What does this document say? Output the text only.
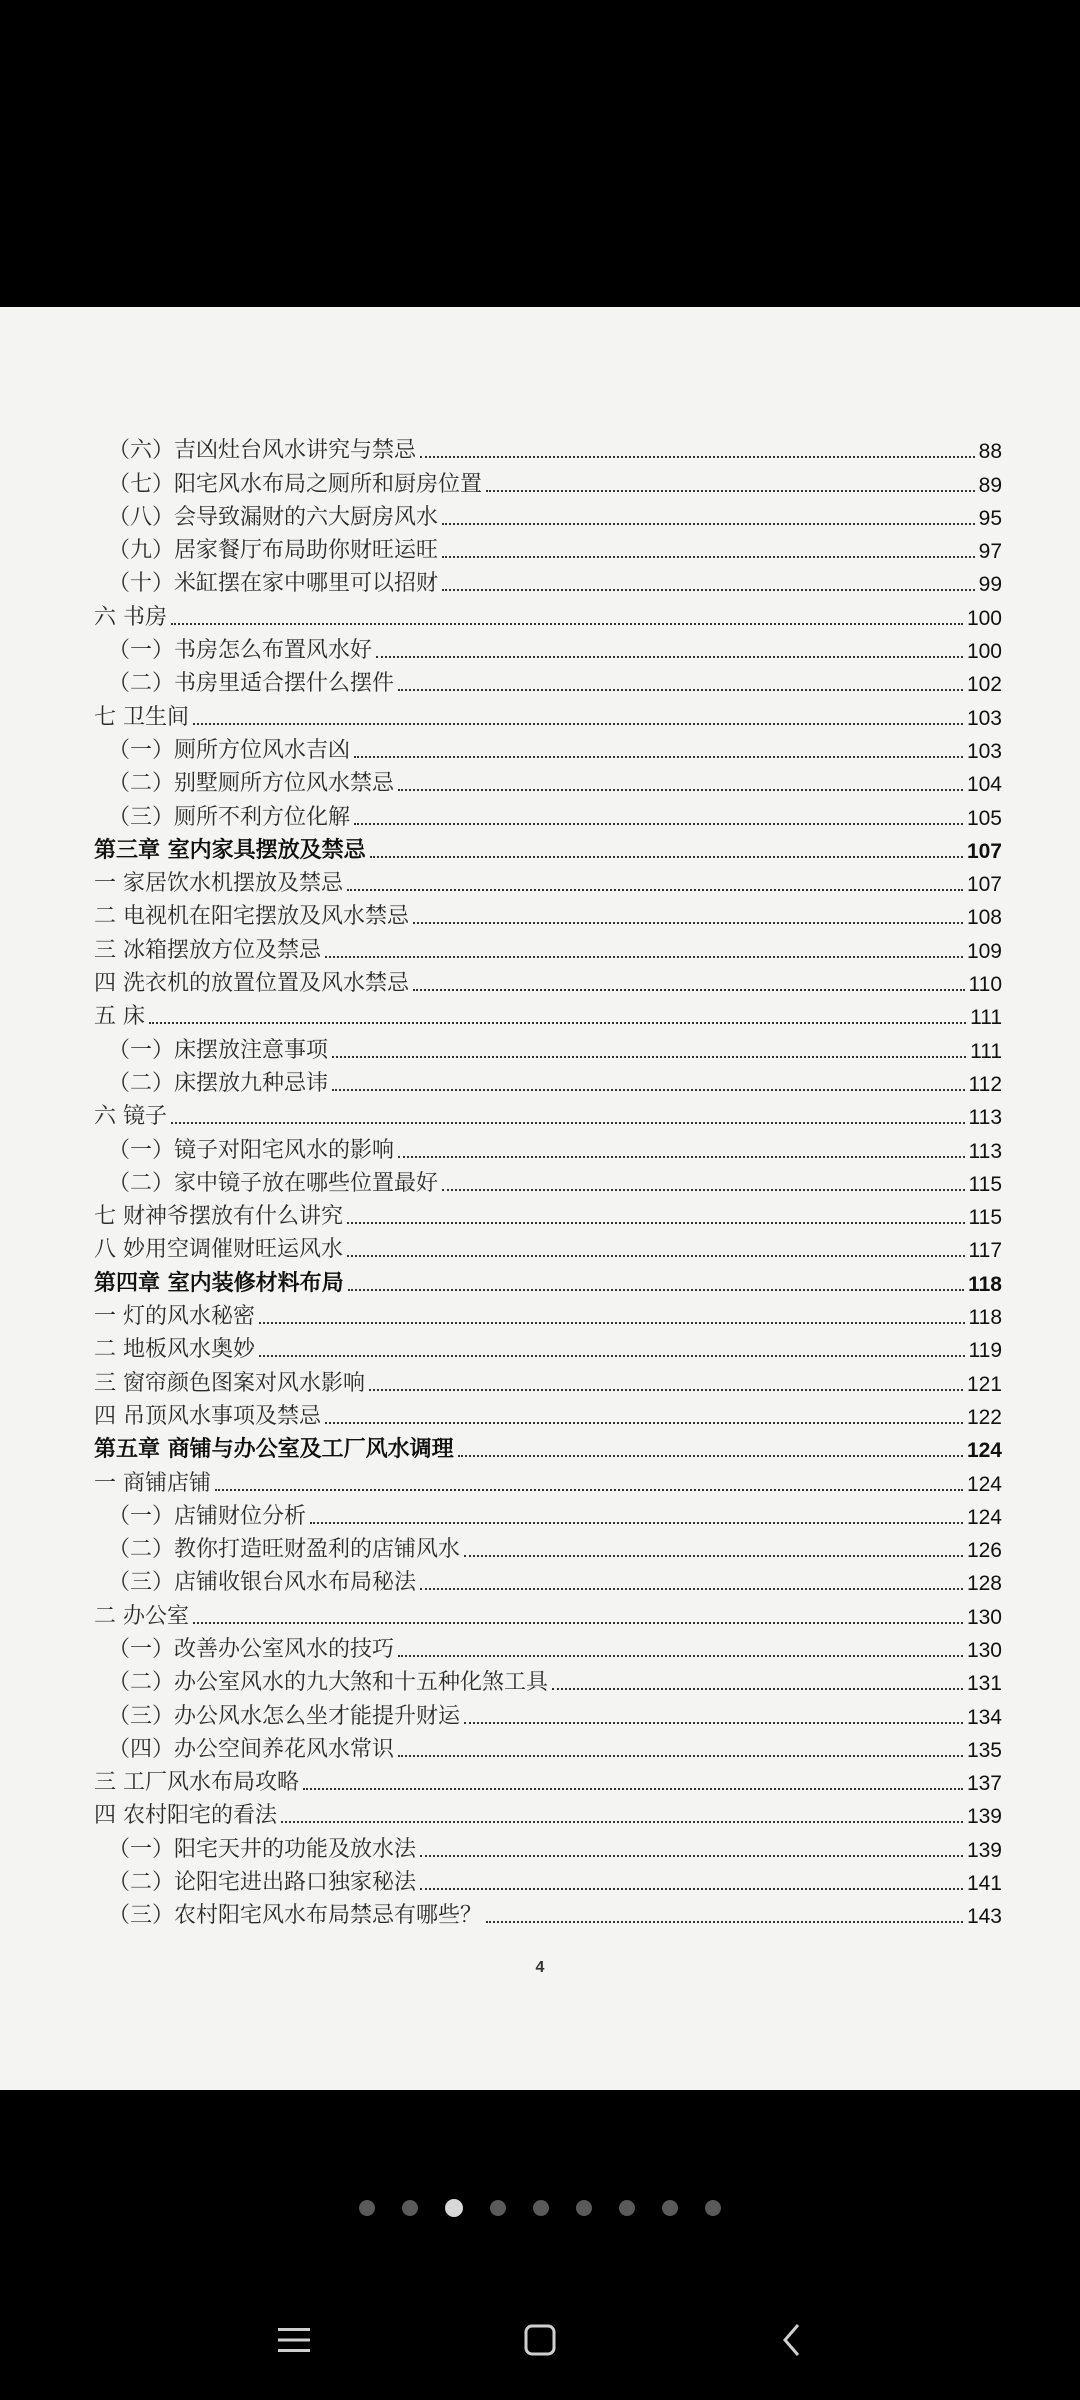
（六）吉凶灶台风水讲究与禁忌	88
（七）阳宅风水布局之厕所和厨房位置	89
（八）会导致漏财的六大厨房风水	95
（九）居家餐厅布局助你财旺运旺	97
（十）米缸摆在家中哪里可以招财	99
六 书房	100
（一）书房怎么布置风水好	100
（二）书房里适合摆什么摆件	102
七 卫生间	103
（一）厕所方位风水吉凶	103
（二）别墅厕所方位风水禁忌	104
（三）厕所不利方位化解	105
第三章 室内家具摆放及禁忌	107
一 家居饮水机摆放及禁忌	107
二 电视机在阳宅摆放及风水禁忌	108
三 冰箱摆放方位及禁忌	109
四 洗衣机的放置位置及风水禁忌	110
五 床	111
（一）床摆放注意事项	111
（二）床摆放九种忌讳	112
六 镜子	113
（一）镜子对阳宅风水的影响	113
（二）家中镜子放在哪些位置最好	115
七 财神爷摆放有什么讲究	115
八 妙用空调催财旺运风水	117
第四章 室内装修材料布局	118
一 灯的风水秘密	118
二 地板风水奥妙	119
三 窗帘颜色图案对风水影响	121
四 吊顶风水事项及禁忌	122
第五章 商铺与办公室及工厂风水调理	124
一 商铺店铺	124
（一）店铺财位分析	124
（二）教你打造旺财盈利的店铺风水	126
（三）店铺收银台风水布局秘法	128
二 办公室	130
（一）改善办公室风水的技巧	130
（二）办公室风水的九大煞和十五种化煞工具	131
（三）办公风水怎么坐才能提升财运	134
（四）办公空间养花风水常识	135
三 工厂风水布局攻略	137
四 农村阳宅的看法	139
（一）阳宅天井的功能及放水法	139
（二）论阳宅进出路口独家秘法	141
（三）农村阳宅风水布局禁忌有哪些？	143
4
